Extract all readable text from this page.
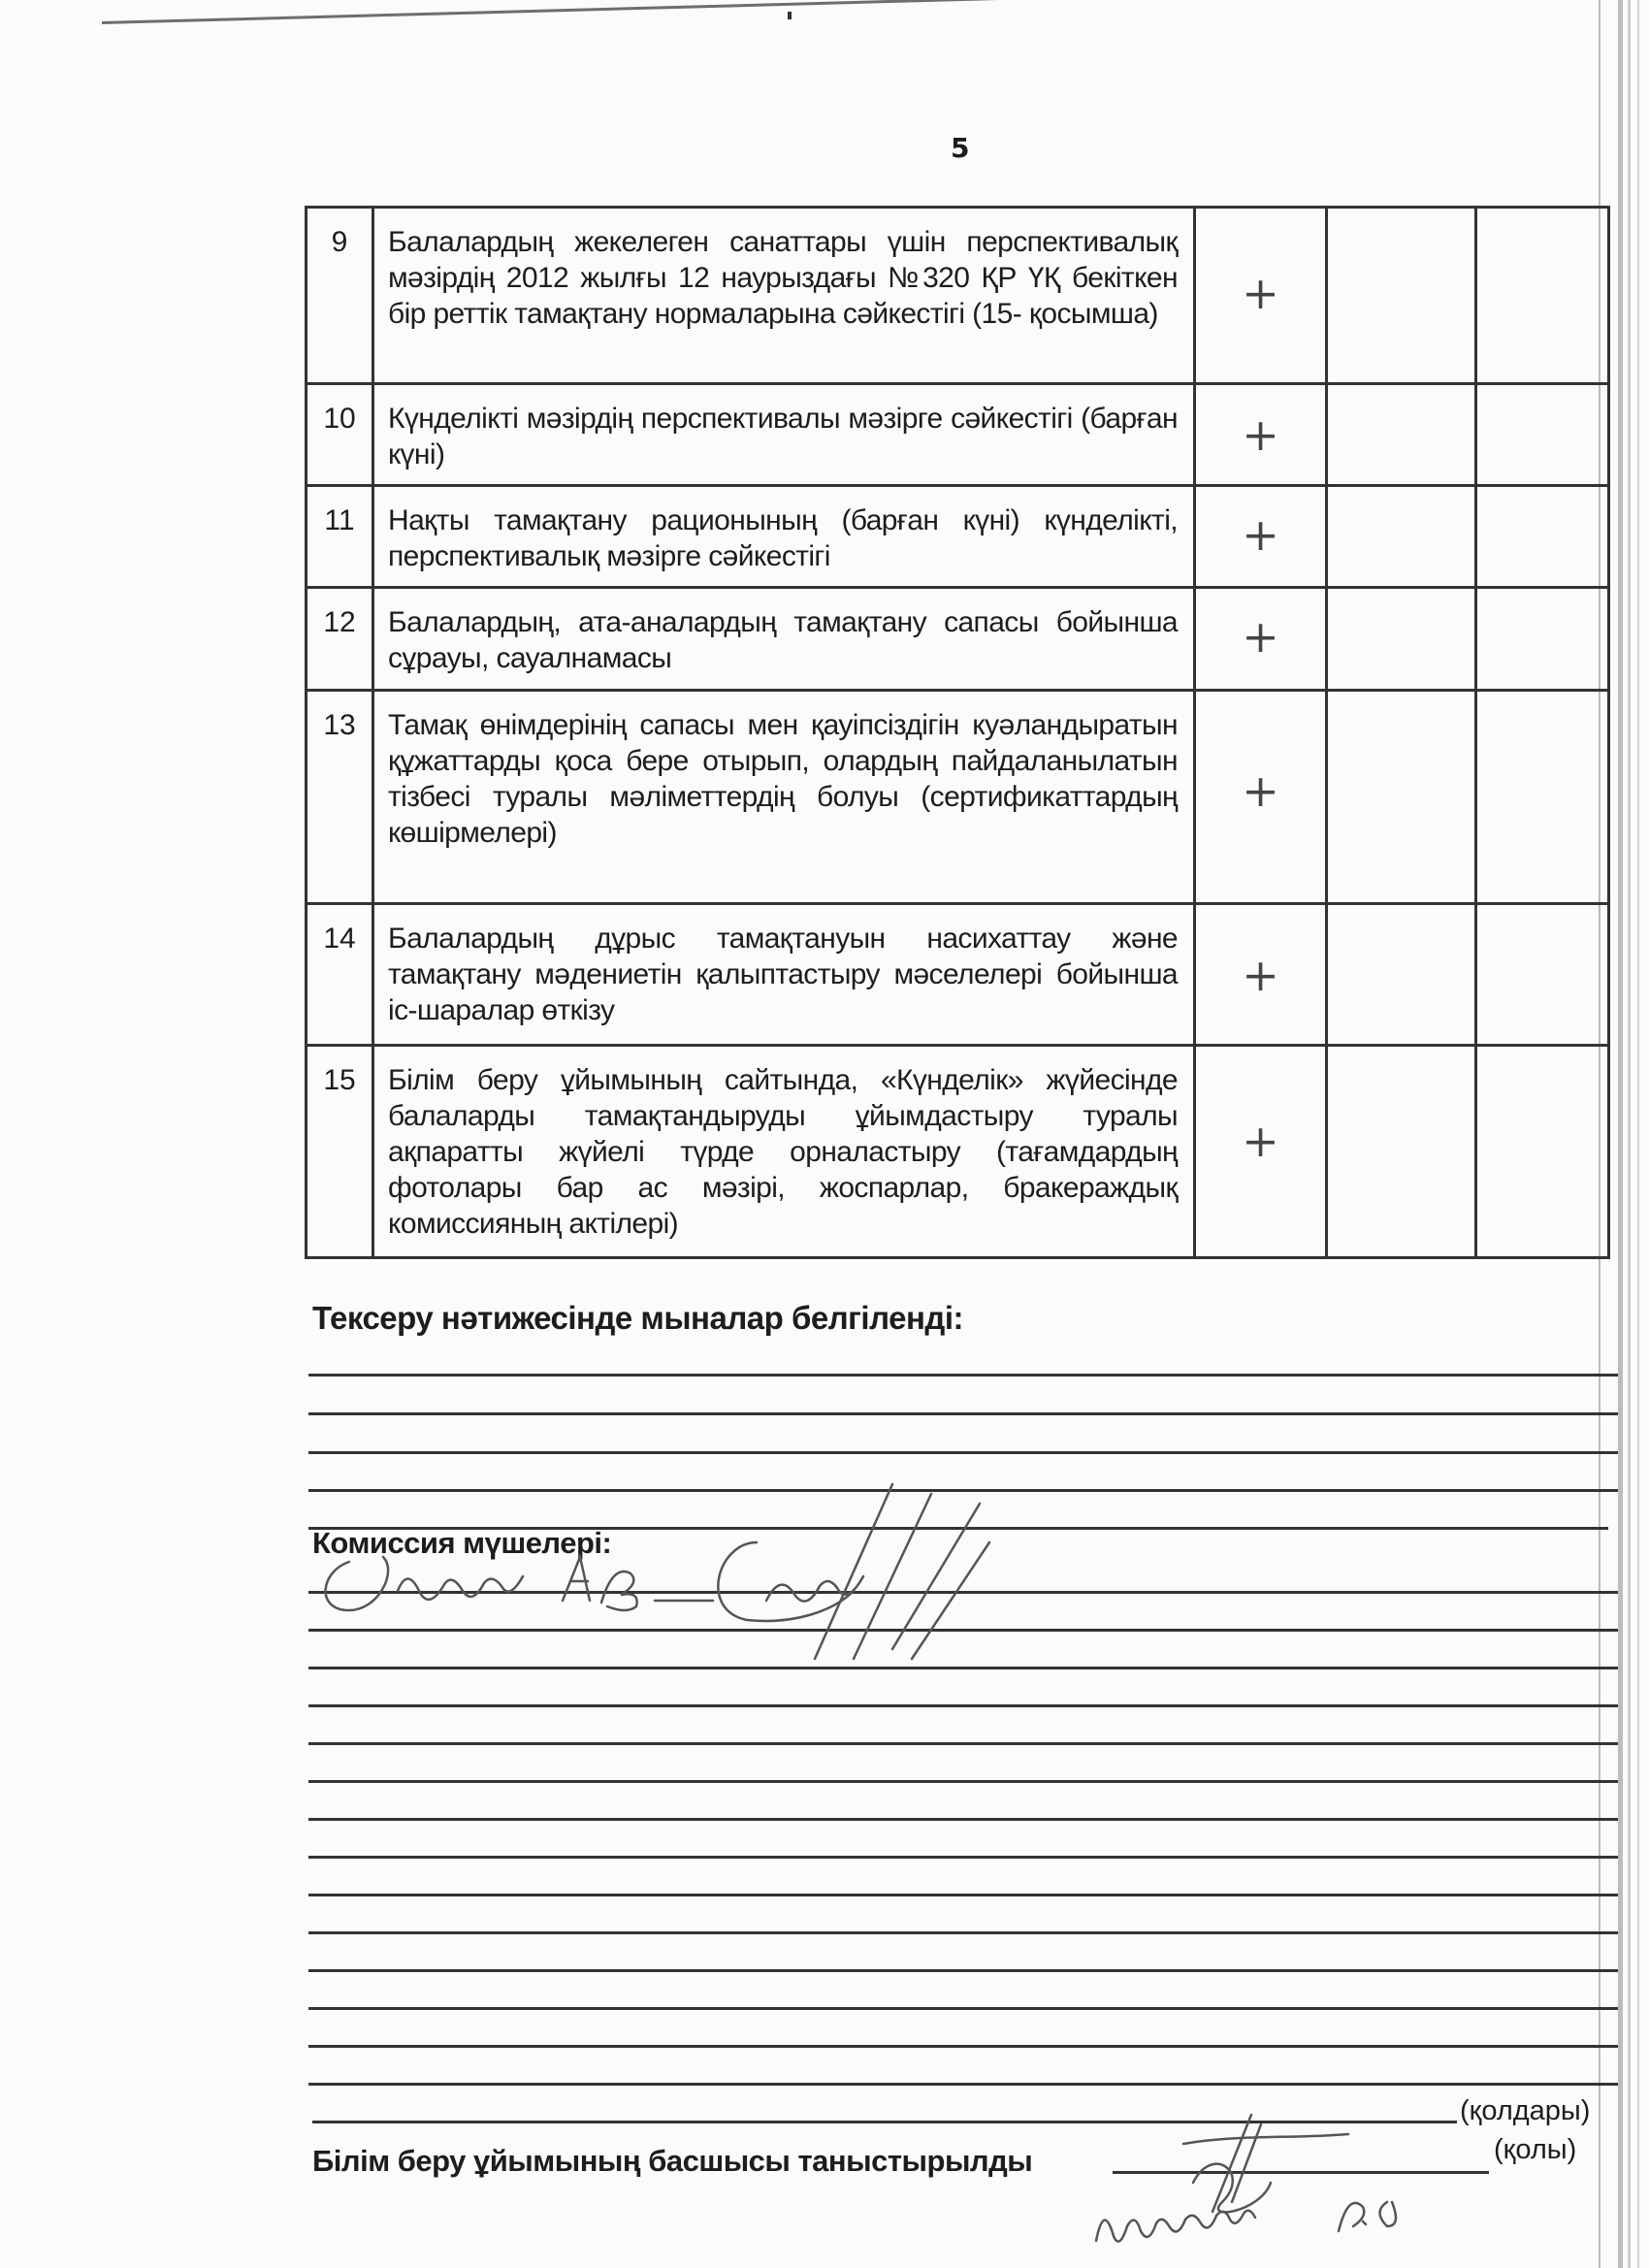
5
9	Балалардың жекелеген санаттары үшін перспективалық мәзірдің 2012 жылғы 12 наурыздағы №320 ҚР ҮҚ бекіткен бір реттік тамақтану нормаларына сәйкестігі (15- қосымша)	+		

10	Күнделікті мәзірдің перспективалы мәзірге сәйкестігі (барған күні)	+		

11	Нақты тамақтану рационының (барған күні) күнделікті, перспективалық мәзірге сәйкестігі	+		

12	Балалардың, ата-аналардың тамақтану сапасы бойынша сұрауы, сауалнамасы	+		

13	Тамақ өнімдерінің сапасы мен қауіпсіздігін куәландыратын құжаттарды қоса бере отырып, олардың пайдаланылатын тізбесі туралы мәліметтердің болуы (сертификаттардың көшірмелері)	+		

14	Балалардың дұрыс тамақтануын насихаттау және тамақтану мәдениетін қалыптастыру мәселелері бойынша іс-шаралар өткізу	+		

15	Білім беру ұйымының сайтында, «Күнделік» жүйесінде балаларды тамақтандыруды ұйымдастыру туралы ақпаратты жүйелі түрде орналастыру (тағамдардың фотолары бар ас мәзірі, жоспарлар, бракераждық комиссияның актілері)	+		

Тексеру нәтижесінде мыналар белгіленді:
Комиссия мүшелері:
(қолдары)
Білім беру ұйымының басшысы таныстырылды	(қолы)
